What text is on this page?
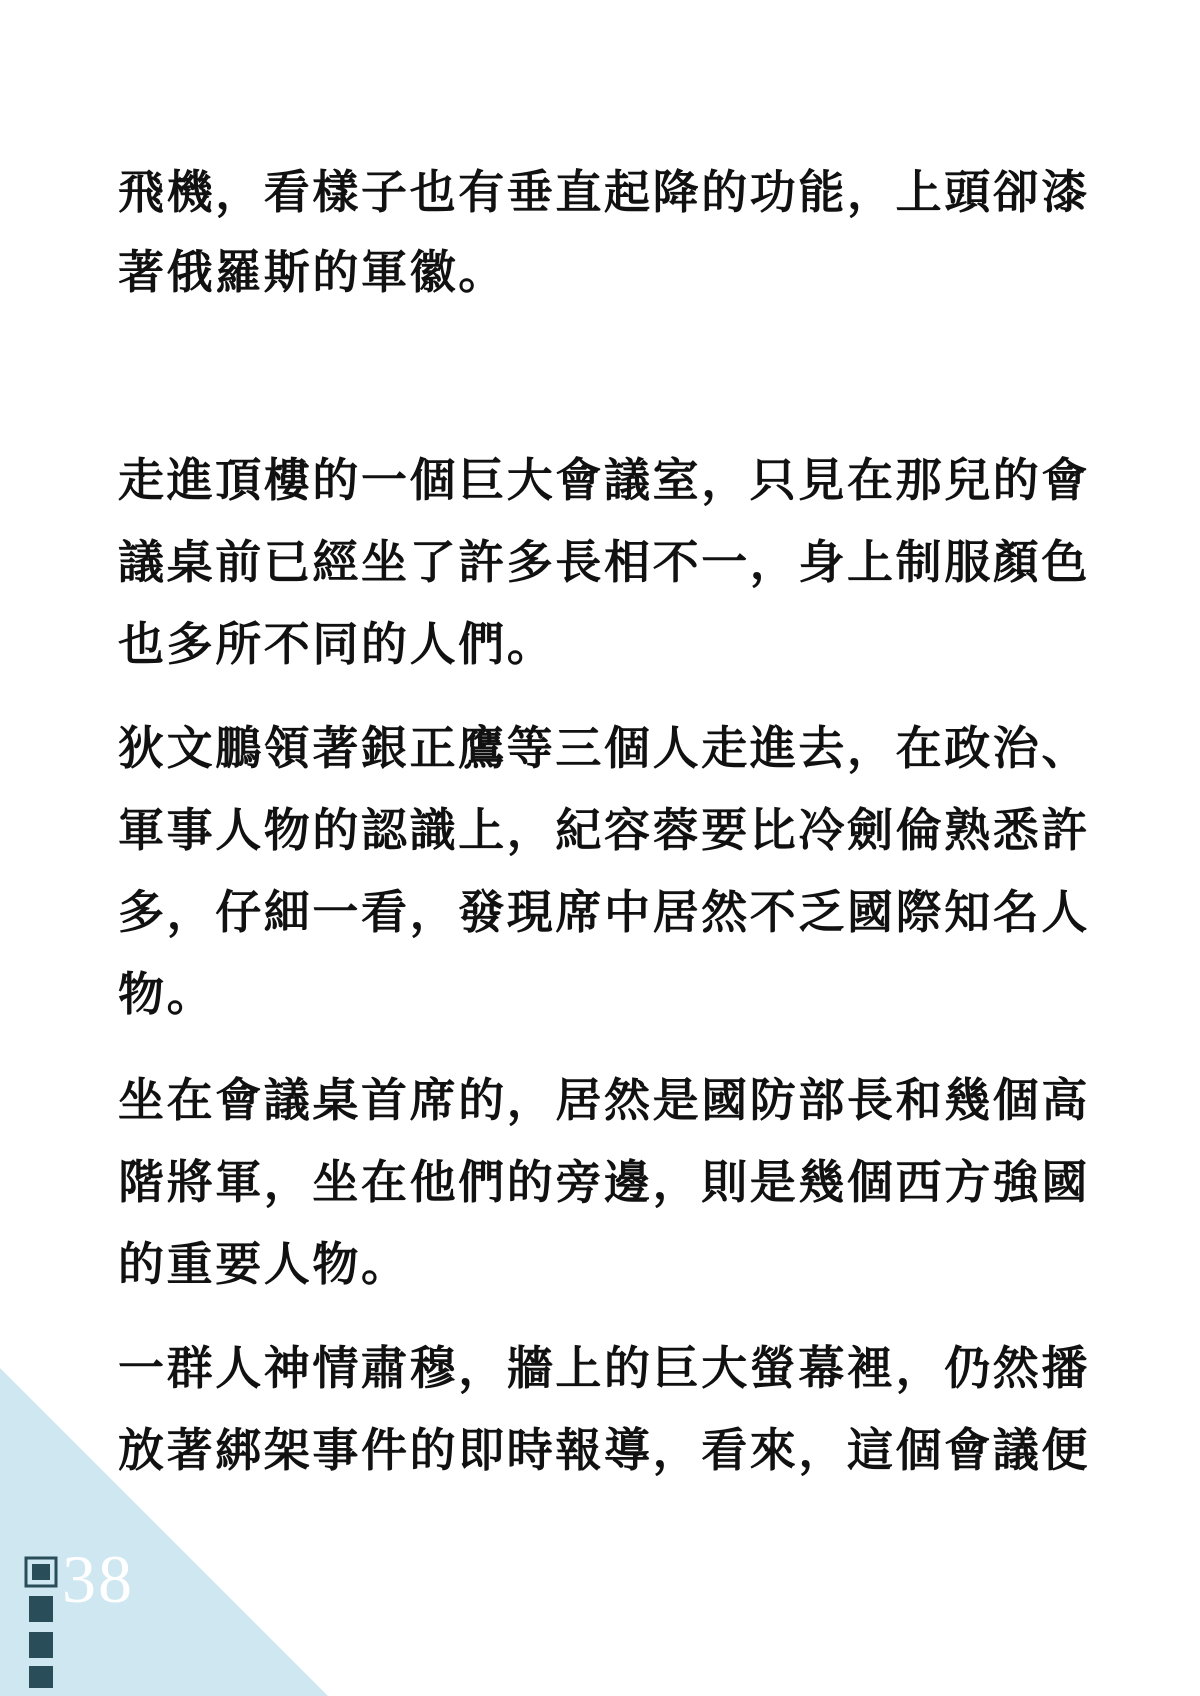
飛機，看樣子也有垂直起降的功能，上頭卻漆
著俄羅斯的軍徽。
走進頂樓的一個巨大會議室，只見在那兒的會
議桌前已經坐了許多長相不一，身上制服顏色
也多所不同的人們。
狄文鵬領著銀正鷹等三個人走進去，在政治、
軍事人物的認識上，紀容蓉要比冷劍倫熟悉許
多，仔細一看，發現席中居然不乏國際知名人
物。
坐在會議桌首席的，居然是國防部長和幾個高
階將軍，坐在他們的旁邊，則是幾個西方強國
的重要人物。
一群人神情肅穆，牆上的巨大螢幕裡，仍然播
放著綁架事件的即時報導，看來，這個會議便
38
